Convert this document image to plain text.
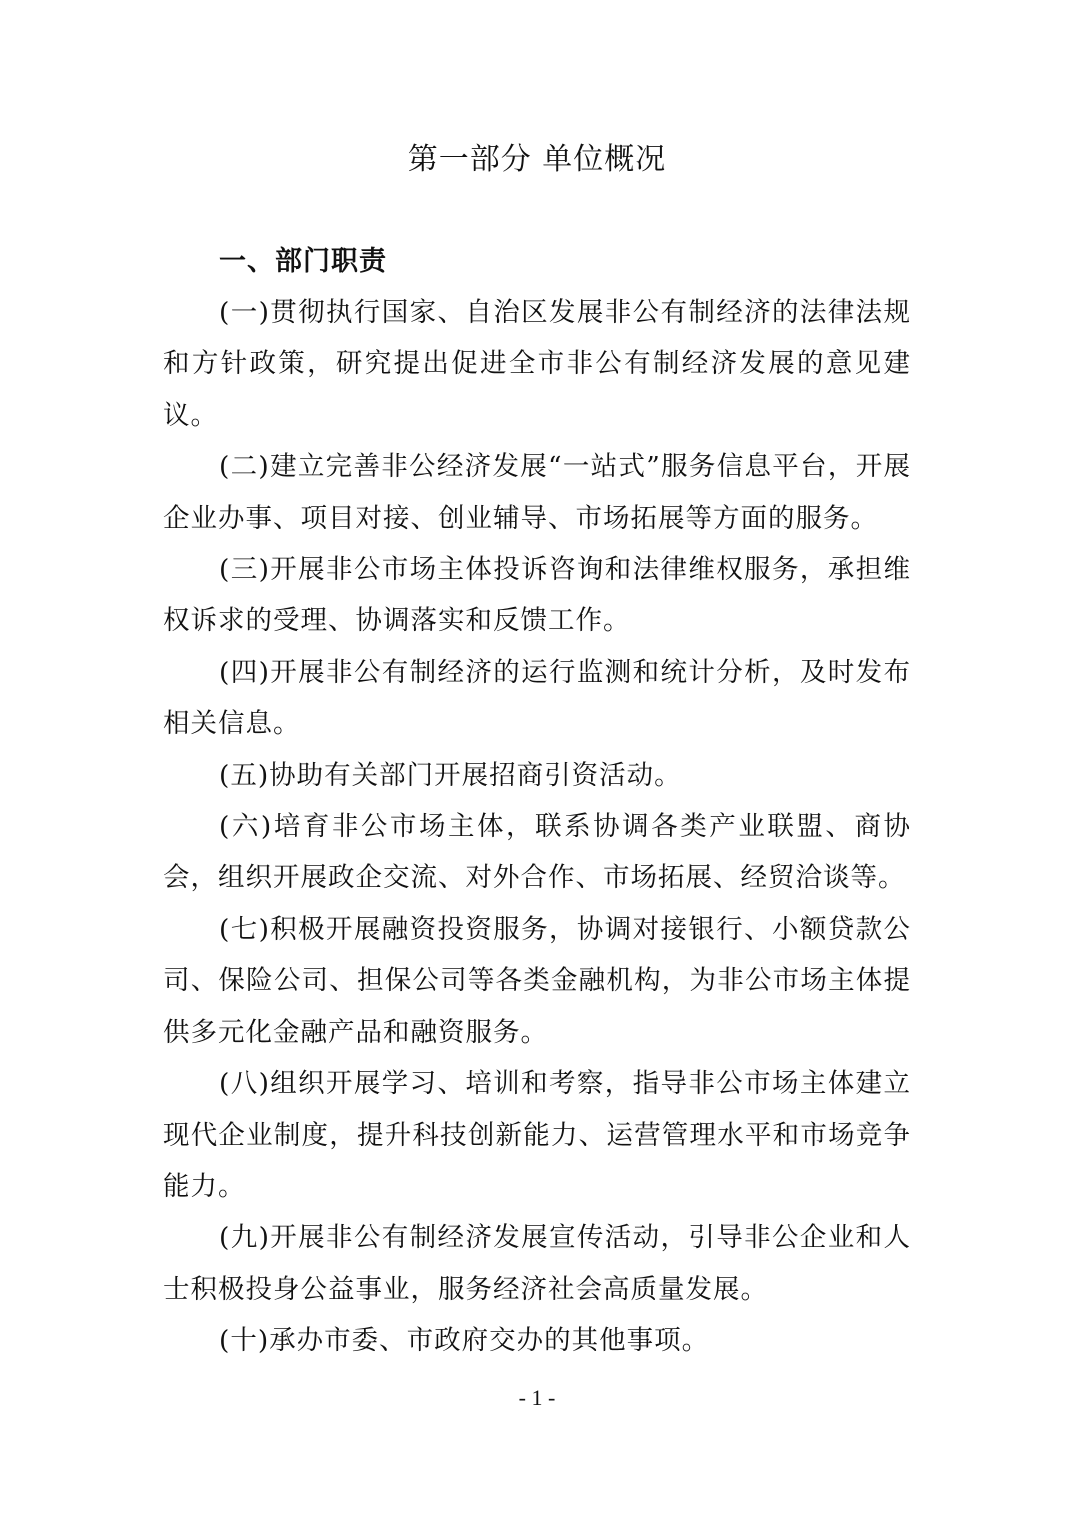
第一部分 单位概况
一、部门职责

(一)贯彻执行国家、自治区发展非公有制经济的法律法规和方针政策，研究提出促进全市非公有制经济发展的意见建议。

(二)建立完善非公经济发展“一站式”服务信息平台，开展企业办事、项目对接、创业辅导、市场拓展等方面的服务。

(三)开展非公市场主体投诉咨询和法律维权服务，承担维权诉求的受理、协调落实和反馈工作。

(四)开展非公有制经济的运行监测和统计分析，及时发布相关信息。

(五)协助有关部门开展招商引资活动。

(六)培育非公市场主体，联系协调各类产业联盟、商协会，组织开展政企交流、对外合作、市场拓展、经贸洽谈等。

(七)积极开展融资投资服务，协调对接银行、小额贷款公司、保险公司、担保公司等各类金融机构，为非公市场主体提供多元化金融产品和融资服务。

(八)组织开展学习、培训和考察，指导非公市场主体建立现代企业制度，提升科技创新能力、运营管理水平和市场竞争能力。

(九)开展非公有制经济发展宣传活动，引导非公企业和人士积极投身公益事业，服务经济社会高质量发展。

(十)承办市委、市政府交办的其他事项。

- 1 -
